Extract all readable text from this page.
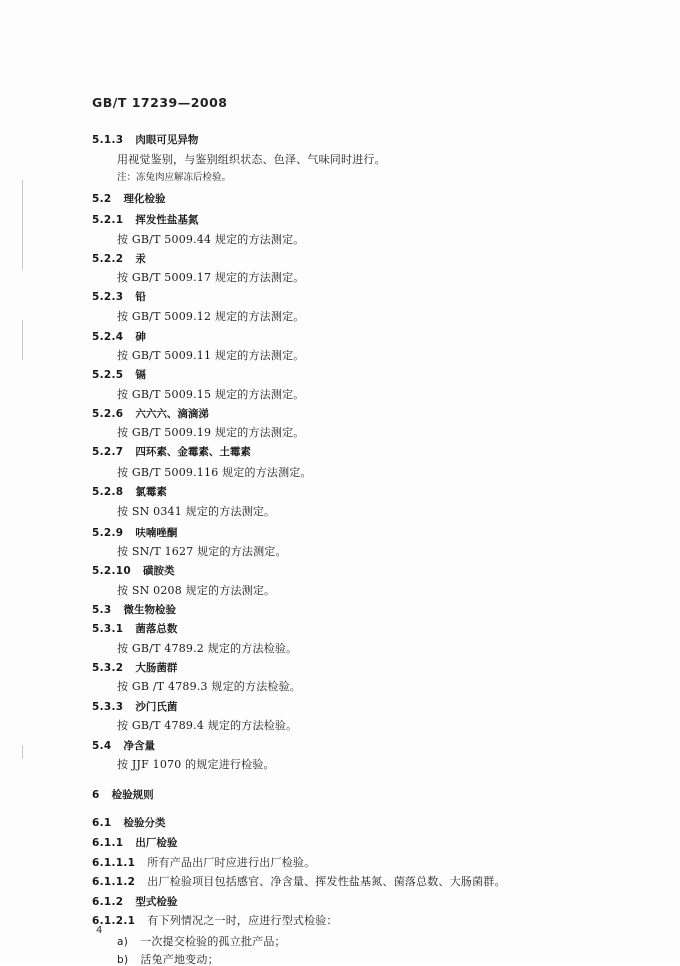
GB/T 17239—2008
5.1.3 肉眼可见异物
用视觉鉴别，与鉴别组织状态、色泽、气味同时进行。
注：冻兔肉应解冻后检验。
5.2 理化检验
5.2.1 挥发性盐基氮
按 GB/T 5009.44 规定的方法测定。
5.2.2 汞
按 GB/T 5009.17 规定的方法测定。
5.2.3 铅
按 GB/T 5009.12 规定的方法测定。
5.2.4 砷
按 GB/T 5009.11 规定的方法测定。
5.2.5 镉
按 GB/T 5009.15 规定的方法测定。
5.2.6 六六六、滴滴涕
按 GB/T 5009.19 规定的方法测定。
5.2.7 四环素、金霉素、土霉素
按 GB/T 5009.116 规定的方法测定。
5.2.8 氯霉素
按 SN 0341 规定的方法测定。
5.2.9 呋喃唑酮
按 SN/T 1627 规定的方法测定。
5.2.10 磺胺类
按 SN 0208 规定的方法测定。
5.3 微生物检验
5.3.1 菌落总数
按 GB/T 4789.2 规定的方法检验。
5.3.2 大肠菌群
按 GB /T 4789.3 规定的方法检验。
5.3.3 沙门氏菌
按 GB/T 4789.4 规定的方法检验。
5.4 净含量
按 JJF 1070 的规定进行检验。
6 检验规则
6.1 检验分类
6.1.1 出厂检验
6.1.1.1 所有产品出厂时应进行出厂检验。
6.1.1.2 出厂检验项目包括感官、净含量、挥发性盐基氮、菌落总数、大肠菌群。
6.1.2 型式检验
6.1.2.1 有下列情况之一时，应进行型式检验：
a) 一次提交检验的孤立批产品；
b) 活兔产地变动；
4
